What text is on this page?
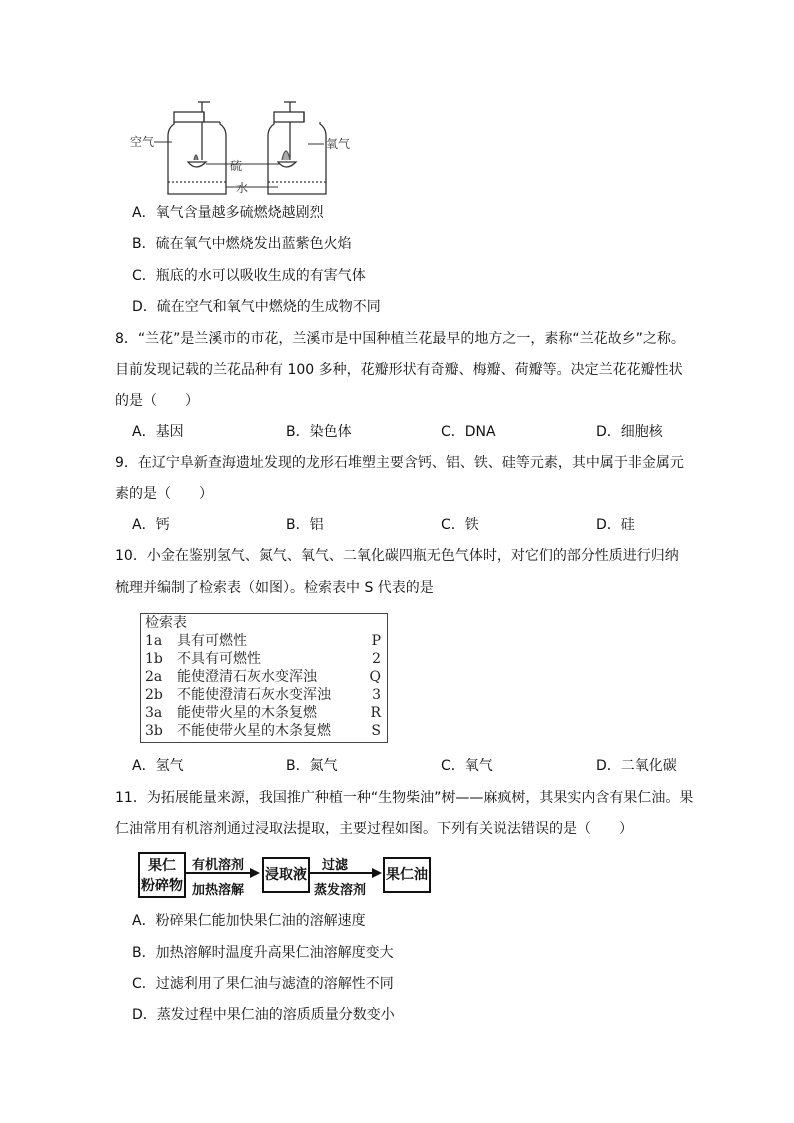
空气
硫
水
氧气
A．氧气含量越多硫燃烧越剧烈
B．硫在氧气中燃烧发出蓝紫色火焰
C．瓶底的水可以吸收生成的有害气体
D．硫在空气和氧气中燃烧的生成物不同
8．“兰花”是兰溪市的市花，兰溪市是中国种植兰花最早的地方之一，素称“兰花故乡”之称。
目前发现记载的兰花品种有 100 多种，花瓣形状有奇瓣、梅瓣、荷瓣等。决定兰花花瓣性状
的是（　　）
A．基因	B．染色体	C．DNA	D．细胞核
9．在辽宁阜新查海遗址发现的龙形石堆塑主要含钙、铝、铁、硅等元素，其中属于非金属元
素的是（　　）
A．钙	B．铝	C．铁	D．硅
10．小金在鉴别氢气、氮气、氧气、二氧化碳四瓶无色气体时，对它们的部分性质进行归纳
梳理并编制了检索表（如图）。检索表中 S 代表的是
检索表
1a 具有可燃性	P
1b 不具有可燃性	2
2a 能使澄清石灰水变浑浊	Q
2b 不能使澄清石灰水变浑浊	3
3a 能使带火星的木条复燃	R
3b 不能使带火星的木条复燃	S
A．氢气	B．氮气	C．氧气	D．二氧化碳
11．为拓展能量来源，我国推广种植一种“生物柴油”树——麻疯树，其果实内含有果仁油。果
仁油常用有机溶剂通过浸取法提取，主要过程如图。下列有关说法错误的是（　　）
果仁
粉碎物
有机溶剂
加热溶解
浸取液
过滤
蒸发溶剂
果仁油
A．粉碎果仁能加快果仁油的溶解速度
B．加热溶解时温度升高果仁油溶解度变大
C．过滤利用了果仁油与滤渣的溶解性不同
D．蒸发过程中果仁油的溶质质量分数变小
